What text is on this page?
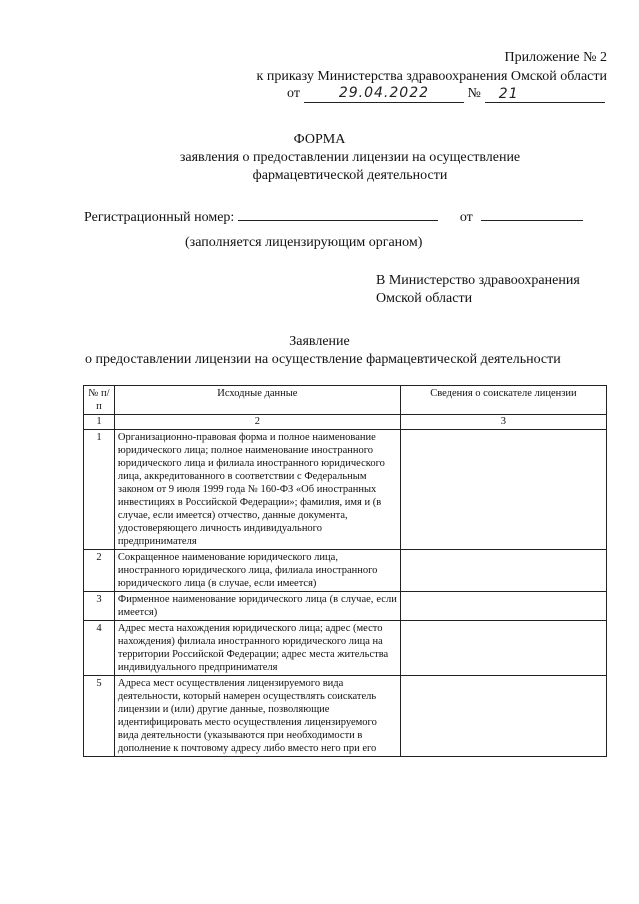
Приложение № 2
к приказу Министерства здравоохранения Омской области
от	29.04.2022	№ 21
ФОРМА
заявления о предоставлении лицензии на осуществление фармацевтической деятельности
Регистрационный номер:	от
(заполняется лицензирующим органом)
В Министерство здравоохранения
Омской области
Заявление
о предоставлении лицензии на осуществление фармацевтической деятельности
№ п/п	Исходные данные	Сведения о соискателе лицензии
1	2	3
1	Организационно-правовая форма и полное наименование юридического лица; полное наименование иностранного юридического лица и филиала иностранного юридического лица, аккредитованного в соответствии с Федеральным законом от 9 июля 1999 года № 160-ФЗ «Об иностранных инвестициях в Российской Федерации»; фамилия, имя и (в случае, если имеется) отчество, данные документа, удостоверяющего личность индивидуального предпринимателя	
2	Сокращенное наименование юридического лица, иностранного юридического лица, филиала иностранного юридического лица (в случае, если имеется)	
3	Фирменное наименование юридического лица (в случае, если имеется)	
4	Адрес места нахождения юридического лица; адрес (место нахождения) филиала иностранного юридического лица на территории Российской Федерации; адрес места жительства индивидуального предпринимателя	
5	Адреса мест осуществления лицензируемого вида деятельности, который намерен осуществлять соискатель лицензии и (или) другие данные, позволяющие идентифицировать место осуществления лицензируемого вида деятельности (указываются при необходимости в дополнение к почтовому адресу либо вместо него при его	
